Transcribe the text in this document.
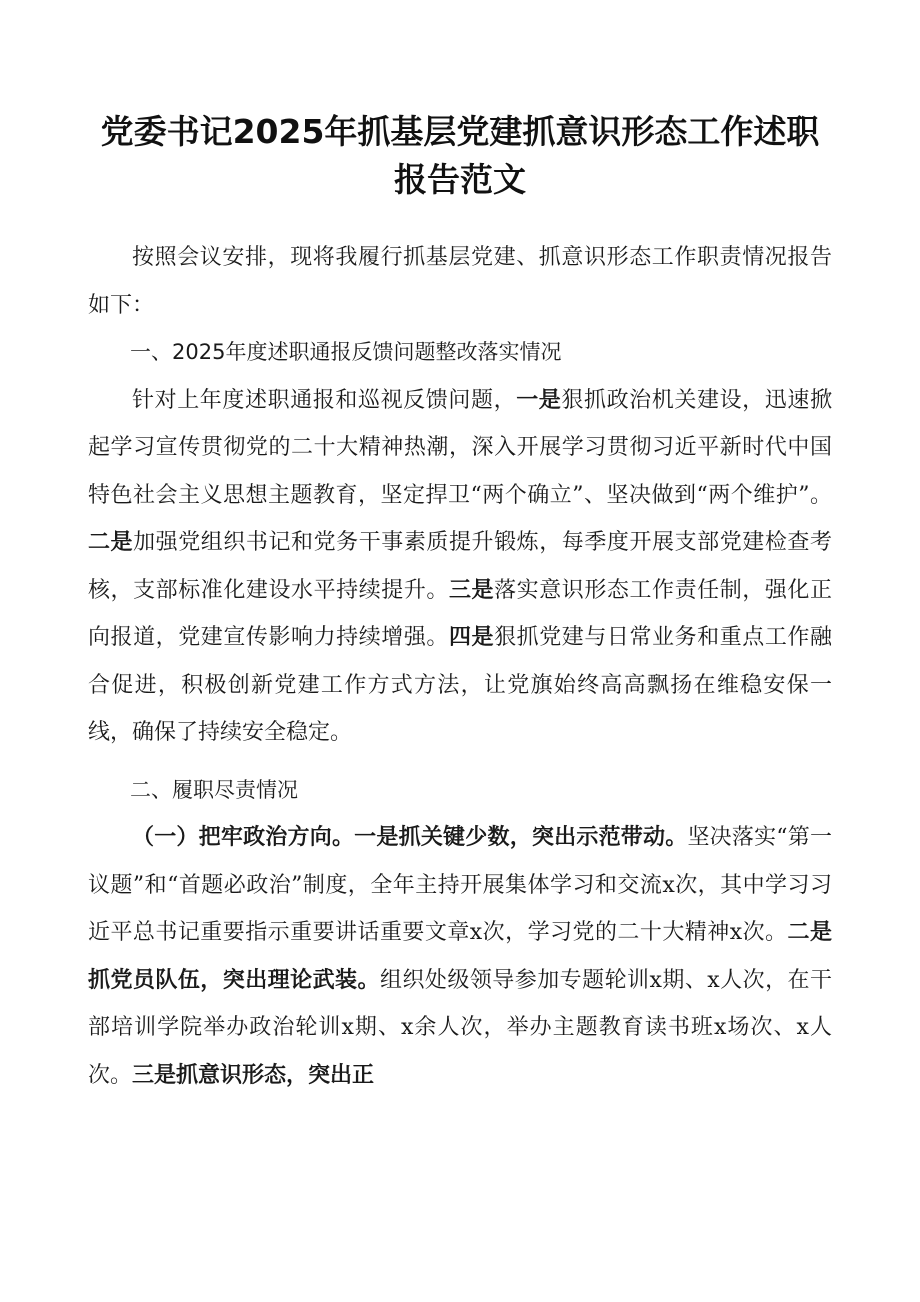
党委书记2025年抓基层党建抓意识形态工作述职
报告范文

按照会议安排，现将我履行抓基层党建、抓意识形态工作职责情况报告如下：

一、2025年度述职通报反馈问题整改落实情况

针对上年度述职通报和巡视反馈问题，一是狠抓政治机关建设，迅速掀起学习宣传贯彻党的二十大精神热潮，深入开展学习贯彻习近平新时代中国特色社会主义思想主题教育，坚定捍卫“两个确立”、坚决做到“两个维护”。二是加强党组织书记和党务干事素质提升锻炼，每季度开展支部党建检查考核，支部标准化建设水平持续提升。三是落实意识形态工作责任制，强化正向报道，党建宣传影响力持续增强。四是狠抓党建与日常业务和重点工作融合促进，积极创新党建工作方式方法，让党旗始终高高飘扬在维稳安保一线，确保了持续安全稳定。

二、履职尽责情况

（一）把牢政治方向。一是抓关键少数，突出示范带动。坚决落实“第一议题”和“首题必政治”制度，全年主持开展集体学习和交流x次，其中学习习近平总书记重要指示重要讲话重要文章x次，学习党的二十大精神x次。二是抓党员队伍，突出理论武装。组织处级领导参加专题轮训x期、x人次，在干部培训学院举办政治轮训x期、x余人次，举办主题教育读书班x场次、x人次。三是抓意识形态，突出正
